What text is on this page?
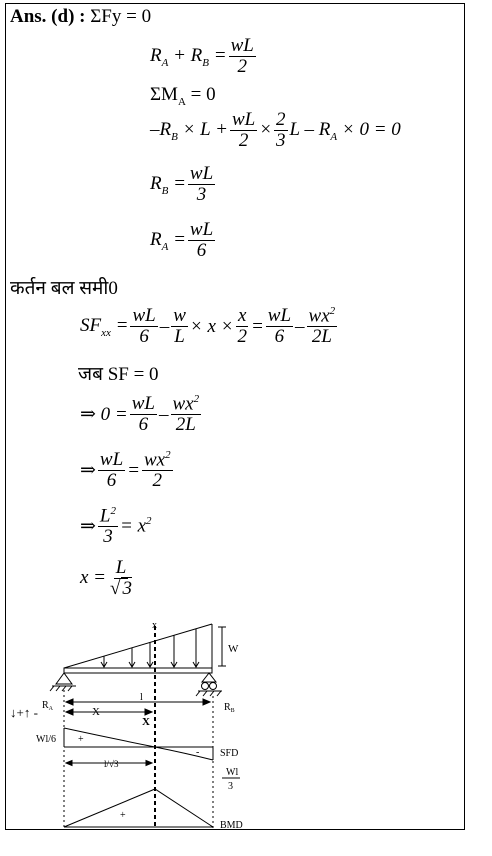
Ans. (d) : ΣFy = 0
$R_A + R_B = \frac{wL}{2}$
$\Sigma M_A = 0$
$-R_B \times L + \frac{wL}{2} \times \frac{2}{3}$ $L - R_A \times 0 = 0$
$R_B = \frac{wL}{3}$
$R_A = \frac{wL}{6}$
कर्तन बल समी0
$SF_{xx} = \frac{wL}{6} - \frac{w}{L} \times x \times \frac{x}{2} = \frac{wL}{6} - \frac{wx^2}{2L}$
जब SF = 0
⇒ $0 = \frac{wL}{6} - \frac{wx^2}{2L}$
⇒ $\frac{wL}{6} = \frac{wx^2}{2}$
⇒ $\frac{L^2}{3} = x^2$
$x = \frac{L}{√ 3}$
W
x
$R_A$	$R_B$
↓+↑ -
l
X
X
Wl/6 +
- SFD
l/√3
Wl
3
+
BMD
